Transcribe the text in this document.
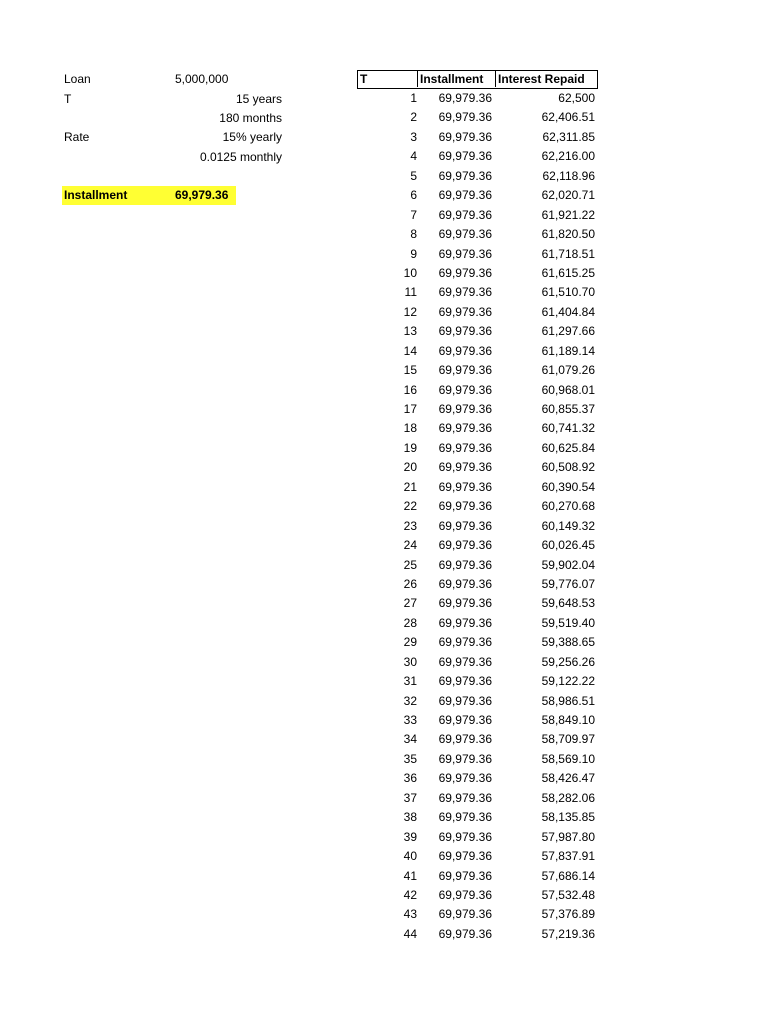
Loan	5,000,000
T	15 years
180 months
Rate	15% yearly
0.0125 monthly
Installment	69,979.36
T	Installment	Interest Repaid
1	69,979.36	62,500
2	69,979.36	62,406.51
3	69,979.36	62,311.85
4	69,979.36	62,216.00
5	69,979.36	62,118.96
6	69,979.36	62,020.71
7	69,979.36	61,921.22
8	69,979.36	61,820.50
9	69,979.36	61,718.51
10	69,979.36	61,615.25
11	69,979.36	61,510.70
12	69,979.36	61,404.84
13	69,979.36	61,297.66
14	69,979.36	61,189.14
15	69,979.36	61,079.26
16	69,979.36	60,968.01
17	69,979.36	60,855.37
18	69,979.36	60,741.32
19	69,979.36	60,625.84
20	69,979.36	60,508.92
21	69,979.36	60,390.54
22	69,979.36	60,270.68
23	69,979.36	60,149.32
24	69,979.36	60,026.45
25	69,979.36	59,902.04
26	69,979.36	59,776.07
27	69,979.36	59,648.53
28	69,979.36	59,519.40
29	69,979.36	59,388.65
30	69,979.36	59,256.26
31	69,979.36	59,122.22
32	69,979.36	58,986.51
33	69,979.36	58,849.10
34	69,979.36	58,709.97
35	69,979.36	58,569.10
36	69,979.36	58,426.47
37	69,979.36	58,282.06
38	69,979.36	58,135.85
39	69,979.36	57,987.80
40	69,979.36	57,837.91
41	69,979.36	57,686.14
42	69,979.36	57,532.48
43	69,979.36	57,376.89
44	69,979.36	57,219.36
